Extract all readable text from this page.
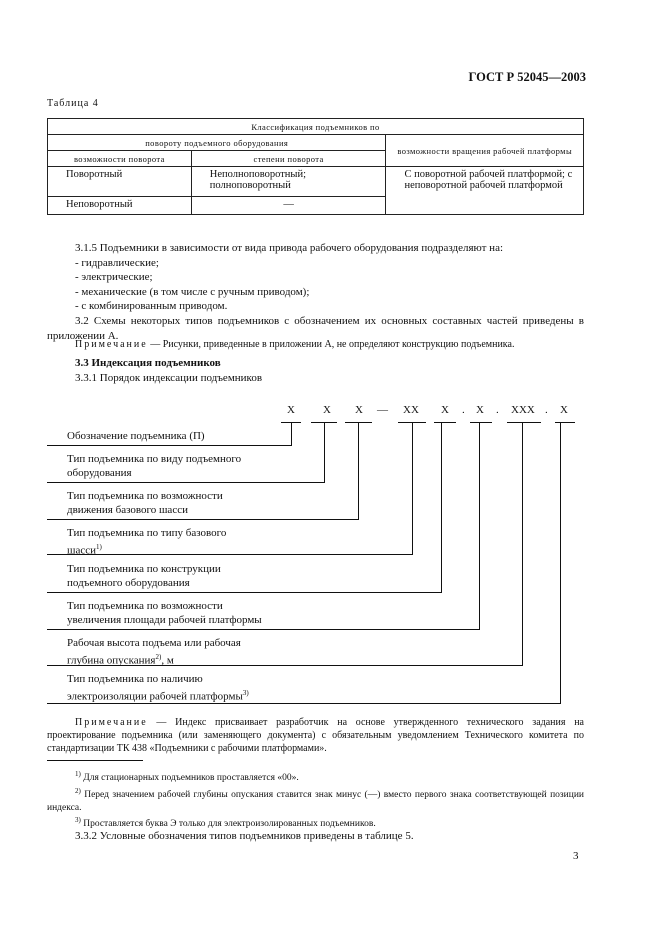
ГОСТ Р 52045—2003
Таблица 4
Классификация подъемников по		
повороту подъемного оборудования		возможности вращения рабочей платформы
возможности поворота	степени поворота	
Поворотный	Неполноповоротный; полноповоротный	С поворотной рабочей платформой; с неповоротной рабочей платформой
Неповоротный	—	
3.1.5 Подъемники в зависимости от вида привода рабочего оборудования подразделяют на:
- гидравлические;
- электрические;
- механические (в том числе с ручным приводом);
- с комбинированным приводом.
3.2 Схемы некоторых типов подъемников с обозначением их основных составных частей приведены в приложении А.
Примечание — Рисунки, приведенные в приложении А, не определяют конструкцию подъемника.
3.3 Индексация подъемников
3.3.1 Порядок индексации подъемников
Х	Х Х — ХХ Х . Х . ХХХ . Х
Обозначение подъемника (П)
Тип подъемника по виду подъемного
оборудования
Тип подъемника по возможности
движения базового шасси
Тип подъемника по типу базового
шасси$^{1)}$
Тип подъемника по конструкции
подъемного оборудования
Тип подъемника по возможности
увеличения площади рабочей платформы
Рабочая высота подъема или рабочая
глубина опускания$^{2)}$, м
Тип подъемника по наличию
электроизоляции рабочей платформы$^{3)}$
Примечание — Индекс присваивает разработчик на основе утвержденного технического задания на проектирование подъемника (или заменяющего документа) с обязательным уведомлением Технического комитета по стандартизации ТК 438 «Подъемники с рабочими платформами».
$^{1)}$ Для стационарных подъемников проставляется «00».
$^{2)}$ Перед значением рабочей глубины опускания ставится знак минус (—) вместо первого знака соответствующей позиции индекса.
$^{3)}$ Проставляется буква Э только для электроизолированных подъемников.
3.3.2 Условные обозначения типов подъемников приведены в таблице 5.
3
